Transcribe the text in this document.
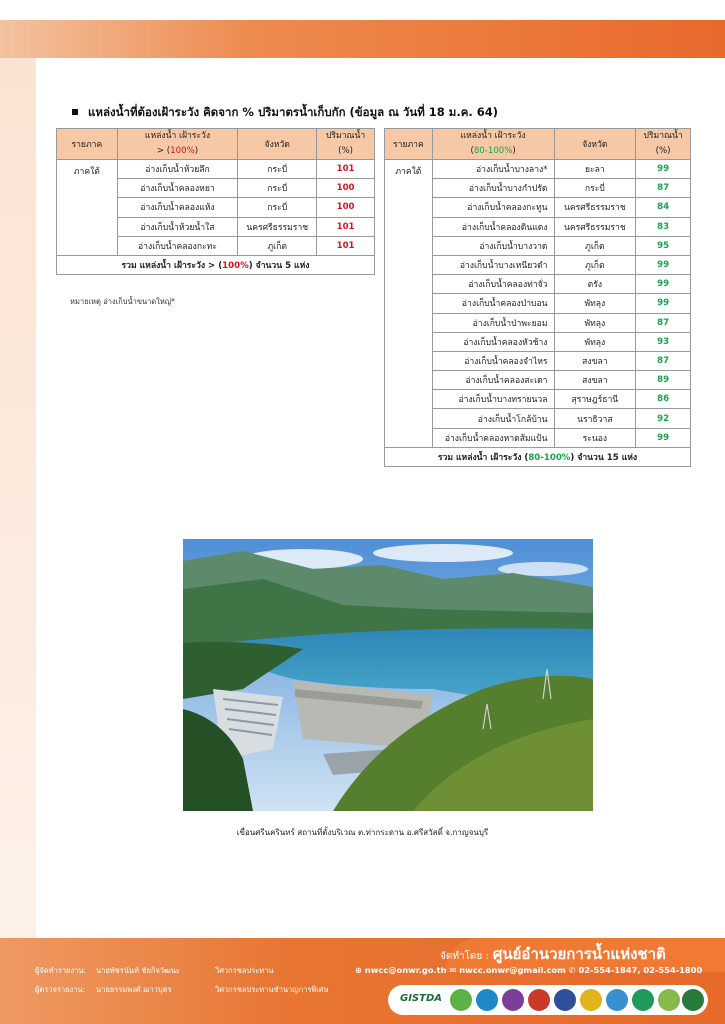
แหล่งน้ำที่ต้องเฝ้าระวัง คิดจาก % ปริมาตรน้ำเก็บกัก (ข้อมูล ณ วันที่ 18 ม.ค. 64)
รายภาค	แหล่งน้ำ เฝ้าระวัง
> (100%)	จังหวัด	ปริมาณน้ำ
(%)

ภาคใต้	อ่างเก็บน้ำห้วยลึก	กระบี่	101
	อ่างเก็บน้ำคลองหยา	กระบี่	100
	อ่างเก็บน้ำคลองแห้ง	กระบี่	100
	อ่างเก็บน้ำห้วยน้ำใส	นครศรีธรรมราช	101
	อ่างเก็บน้ำคลองกะทะ	ภูเก็ต	101
รวม แหล่งน้ำ เฝ้าระวัง > (100%) จำนวน 5 แห่ง			
หมายเหตุ อ่างเก็บน้ำขนาดใหญ่*
รายภาค	แหล่งน้ำ เฝ้าระวัง
(80-100%)	จังหวัด	ปริมาณน้ำ
(%)

ภาคใต้	อ่างเก็บน้ำบางลาง*	ยะลา	99
	อ่างเก็บน้ำบางกำปรัด	กระบี่	87
	อ่างเก็บน้ำคลองกะทูน	นครศรีธรรมราช	84
	อ่างเก็บน้ำคลองดินแดง	นครศรีธรรมราช	83
	อ่างเก็บน้ำบางวาด	ภูเก็ต	95
	อ่างเก็บน้ำบางเหนียวดำ	ภูเก็ต	99
	อ่างเก็บน้ำคลองท่าจั่ว	ตรัง	99
	อ่างเก็บน้ำคลองป่าบอน	พัทลุง	99
	อ่างเก็บน้ำป่าพะยอม	พัทลุง	87
	อ่างเก็บน้ำคลองหัวช้าง	พัทลุง	93
	อ่างเก็บน้ำคลองจำไหร	สงขลา	87
	อ่างเก็บน้ำคลองสะเดา	สงขลา	89
	อ่างเก็บน้ำบางทรายนวล	สุราษฎร์ธานี	86
	อ่างเก็บน้ำโกล้บ้าน	นราธิวาส	92
	อ่างเก็บน้ำคลองหาดส้มแป้น	ระนอง	99
รวม แหล่งน้ำ เฝ้าระวัง (80-100%) จำนวน 15 แห่ง			
เขื่อนศรีนครินทร์ สถานที่ตั้งบริเวณ ต.ท่ากระดาน อ.ศรีสวัสดิ์ จ.กาญจนบุรี
ผู้จัดทำรายงาน: นายพัชรนันท์ ชัยกิจวัฒนะ	วิศวกรชลประทาน
ผู้ตรวจรายงาน: นายธรรมพงศ์ ฌาวบุตร	วิศวกรชลประทานชำนาญการพิเศษ
จัดทำโดย : ศูนย์อำนวยการน้ำแห่งชาติ
⊕ nwcc@onwr.go.th ✉ nwcc.onwr@gmail.com ✆ 02-554-1847, 02-554-1800
GISTDA
